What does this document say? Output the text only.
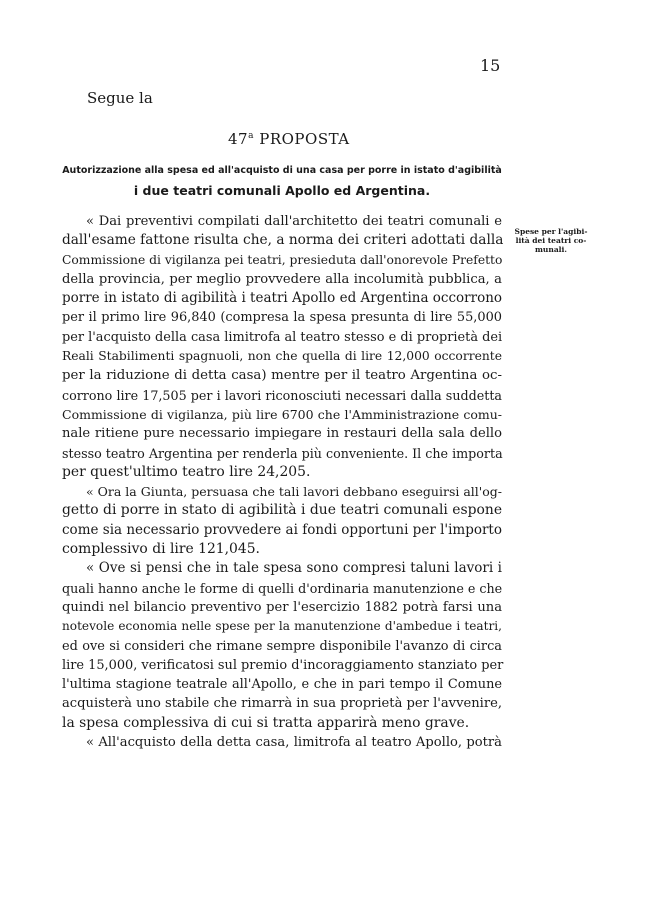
15
Segue la
47$^a$ PROPOSTA
Autorizzazione alla spesa ed all'acquisto di una casa per porre in istato d'agibilità
i due teatri comunali Apollo ed Argentina.
Spese per l'agibi-
lità dei teatri co-
munali.
« Dai preventivi compilati dall'architetto dei teatri comunali e
dall'esame fattone risulta che, a norma dei criteri adottati dalla
Commissione di vigilanza pei teatri, presieduta dall'onorevole Prefetto
della provincia, per meglio provvedere alla incolumità pubblica, a
porre in istato di agibilità i teatri Apollo ed Argentina occorrono
per il primo lire 96,840 (compresa la spesa presunta di lire 55,000
per l'acquisto della casa limitrofa al teatro stesso e di proprietà dei
Reali Stabilimenti spagnuoli, non che quella di lire 12,000 occorrente
per la riduzione di detta casa) mentre per il teatro Argentina oc-
corrono lire 17,505 per i lavori riconosciuti necessari dalla suddetta
Commissione di vigilanza, più lire 6700 che l'Amministrazione comu-
nale ritiene pure necessario impiegare in restauri della sala dello
stesso teatro Argentina per renderla più conveniente. Il che importa
per quest'ultimo teatro lire 24,205.
« Ora la Giunta, persuasa che tali lavori debbano eseguirsi all'og-
getto di porre in stato di agibilità i due teatri comunali espone
come sia necessario provvedere ai fondi opportuni per l'importo
complessivo di lire 121,045.
« Ove si pensi che in tale spesa sono compresi taluni lavori i
quali hanno anche le forme di quelli d'ordinaria manutenzione e che
quindi nel bilancio preventivo per l'esercizio 1882 potrà farsi una
notevole economia nelle spese per la manutenzione d'ambedue i teatri,
ed ove si consideri che rimane sempre disponibile l'avanzo di circa
lire 15,000, verificatosi sul premio d'incoraggiamento stanziato per
l'ultima stagione teatrale all'Apollo, e che in pari tempo il Comune
acquisterà uno stabile che rimarrà in sua proprietà per l'avvenire,
la spesa complessiva di cui si tratta apparirà meno grave.
« All'acquisto della detta casa, limitrofa al teatro Apollo, potrà
